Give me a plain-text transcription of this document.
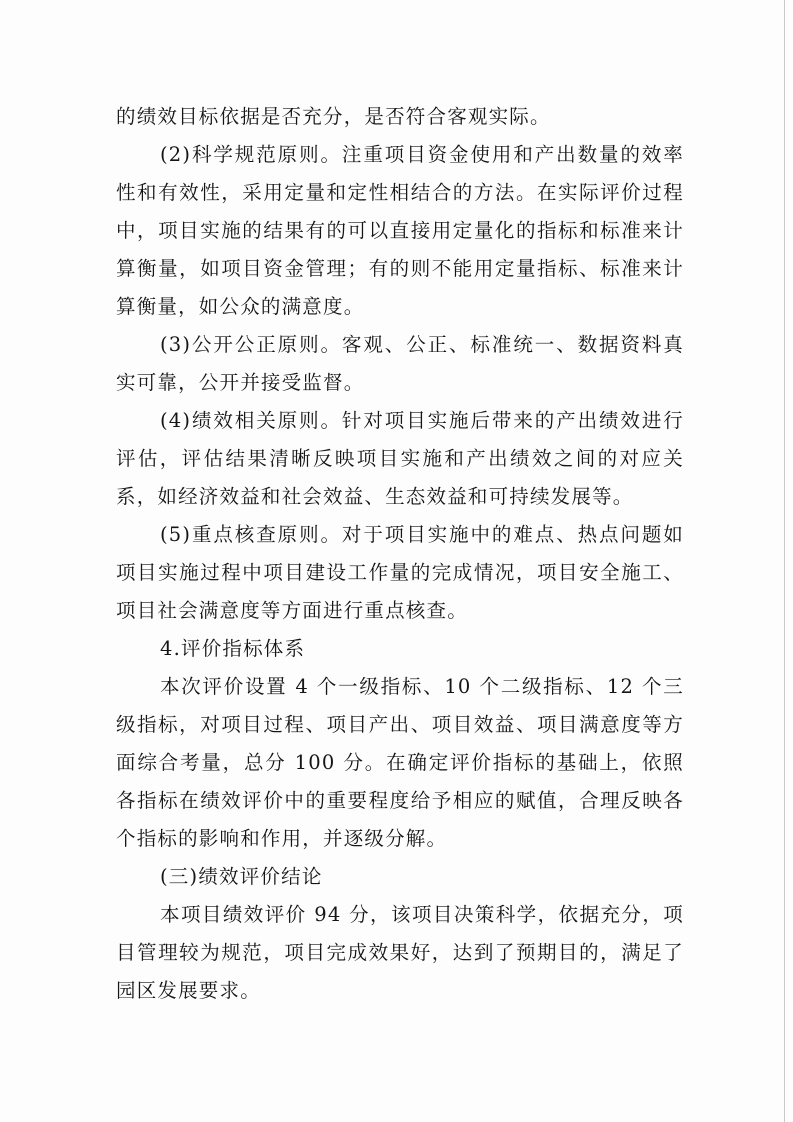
的绩效目标依据是否充分，是否符合客观实际。

(2)科学规范原则。注重项目资金使用和产出数量的效率性和有效性，采用定量和定性相结合的方法。在实际评价过程中，项目实施的结果有的可以直接用定量化的指标和标准来计算衡量，如项目资金管理；有的则不能用定量指标、标准来计算衡量，如公众的满意度。

(3)公开公正原则。客观、公正、标准统一、数据资料真实可靠，公开并接受监督。

(4)绩效相关原则。针对项目实施后带来的产出绩效进行评估，评估结果清晰反映项目实施和产出绩效之间的对应关系，如经济效益和社会效益、生态效益和可持续发展等。

(5)重点核查原则。对于项目实施中的难点、热点问题如项目实施过程中项目建设工作量的完成情况，项目安全施工、项目社会满意度等方面进行重点核查。

4.评价指标体系

本次评价设置 4 个一级指标、10 个二级指标、12 个三级指标，对项目过程、项目产出、项目效益、项目满意度等方面综合考量，总分 100 分。在确定评价指标的基础上，依照各指标在绩效评价中的重要程度给予相应的赋值，合理反映各个指标的影响和作用，并逐级分解。

(三)绩效评价结论

本项目绩效评价 94 分，该项目决策科学，依据充分，项目管理较为规范，项目完成效果好，达到了预期目的，满足了园区发展要求。
